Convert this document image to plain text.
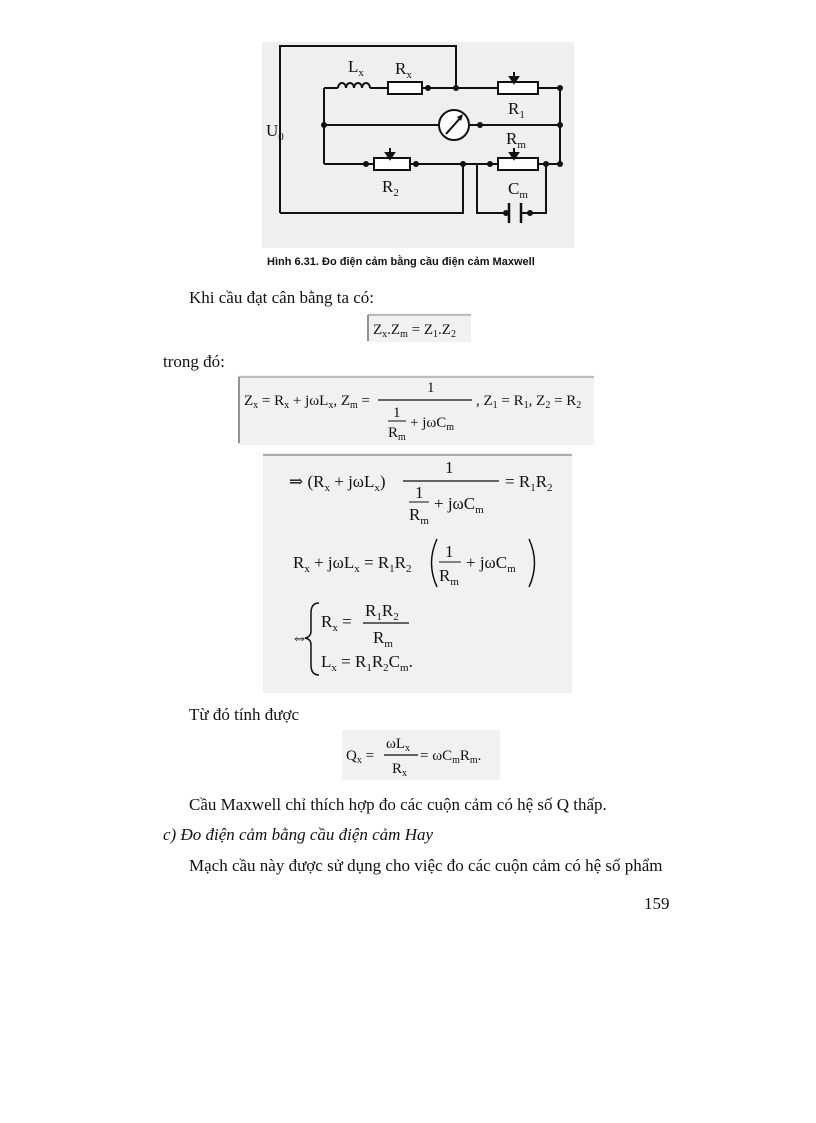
$L_x$ $R_x$
$R_1$
$R_m$
$R_2$	$C_m$
$U_0$
Hình 6.31. Đo điện cảm bằng cầu điện cảm Maxwell
Khi cầu đạt cân bằng ta có:
$Z_x.Z_m = Z_1.Z_2$
trong đó:
$Z_x = R_x + j\omega L_x$, $Z_m$ =
1
1
$R_m$
+ jωC$_m$
, $Z_1 = R_1$, $Z_2 = R_2$
⇒ $(R_x + j\omega L_x)$
1
1
$R_m$
+ jωC$_m$
= $R_1R_2$
$R_x + j\omega L_x = R_1R_2$
1
$R_m$
+ jωC$_m$
⇔
$R_x$ =
$R_1R_2$
$R_m$
$L_x = R_1R_2C_m$.
Từ đó tính được
$Q_x$ =
$\omega L_x$
$R_x$
= $\omega C_mR_m$.
Cầu Maxwell chỉ thích hợp đo các cuộn cảm có hệ số Q thấp.
c) Đo điện cảm bằng cầu điện cảm Hay
Mạch cầu này được sử dụng cho việc đo các cuộn cảm có hệ số phẩm
159
